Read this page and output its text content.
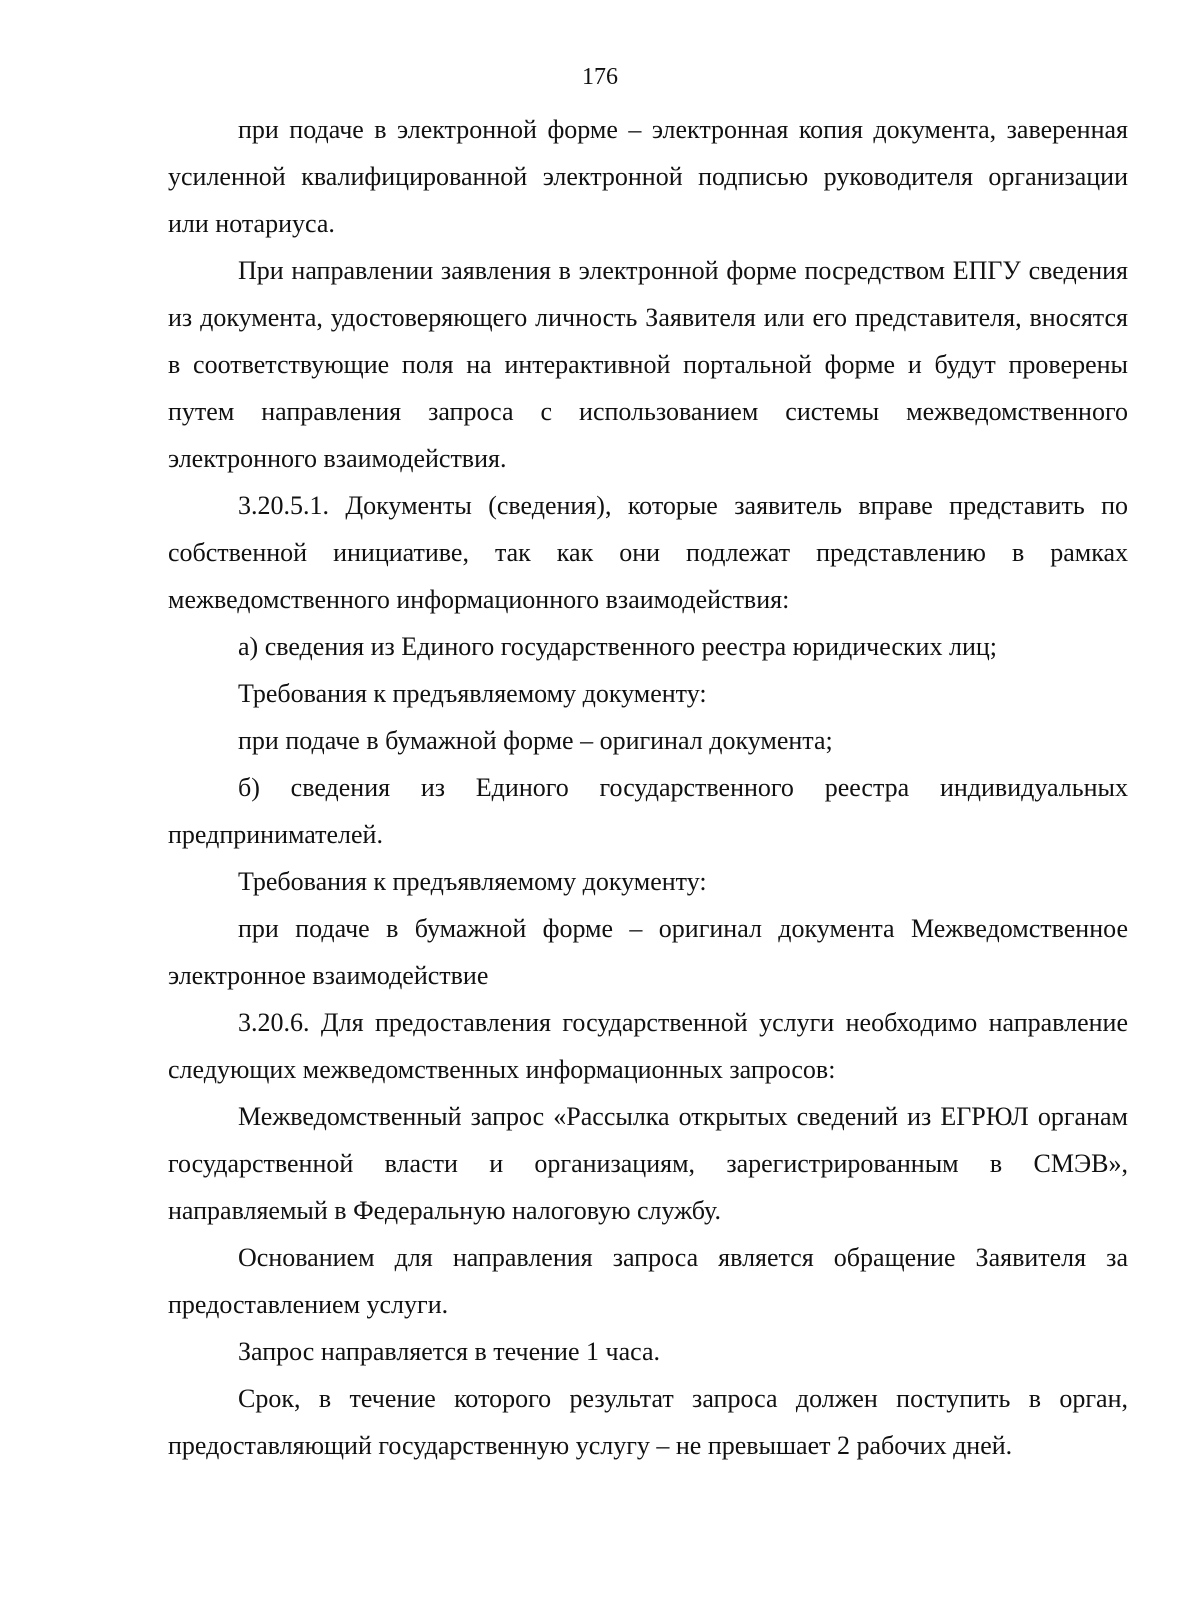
176

при подаче в электронной форме – электронная копия документа, заверенная усиленной квалифицированной электронной подписью руководителя организации или нотариуса.

При направлении заявления в электронной форме посредством ЕПГУ сведения из документа, удостоверяющего личность Заявителя или его представителя, вносятся в соответствующие поля на интерактивной портальной форме и будут проверены путем направления запроса с использованием системы межведомственного электронного взаимодействия.

3.20.5.1. Документы (сведения), которые заявитель вправе представить по собственной инициативе, так как они подлежат представлению в рамках межведомственного информационного взаимодействия:

а) сведения из Единого государственного реестра юридических лиц;

Требования к предъявляемому документу:

при подаче в бумажной форме – оригинал документа;

б) сведения из Единого государственного реестра индивидуальных предпринимателей.

Требования к предъявляемому документу:

при подаче в бумажной форме – оригинал документа Межведомственное электронное взаимодействие

3.20.6. Для предоставления государственной услуги необходимо направление следующих межведомственных информационных запросов:

Межведомственный запрос «Рассылка открытых сведений из ЕГРЮЛ органам государственной власти и организациям, зарегистрированным в СМЭВ», направляемый в Федеральную налоговую службу.

Основанием для направления запроса является обращение Заявителя за предоставлением услуги.

Запрос направляется в течение 1 часа.

Срок, в течение которого результат запроса должен поступить в орган, предоставляющий государственную услугу – не превышает 2 рабочих дней.
